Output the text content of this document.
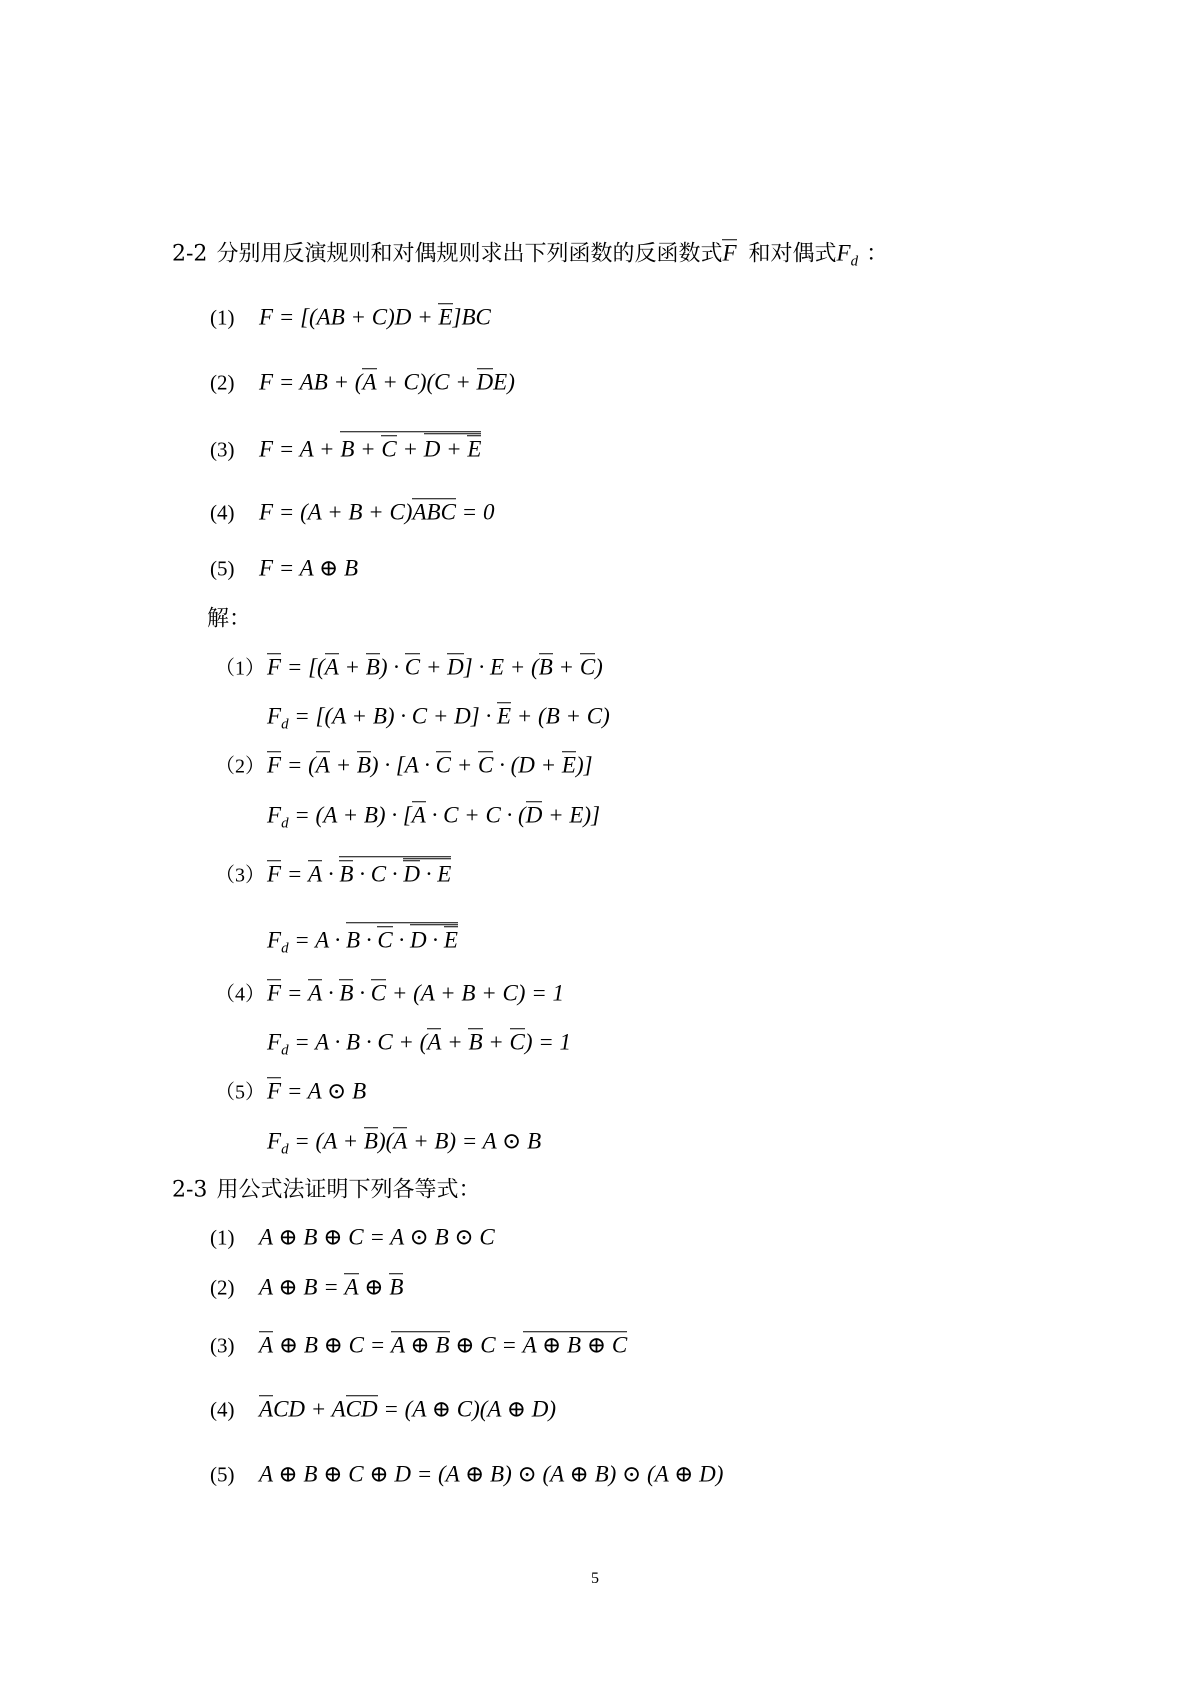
2-2 分别用反演规则和对偶规则求出下列函数的反函数式F 和对偶式$F_d$ ：
(1) F = [(AB + C)D + E]BC
(2) F = AB + (A + C)(C + DE)
(3) F = A + B + C + D + E
(4) F = (A + B + C)ABC = 0
(5) F = A ⊕ B
解：
（1）F = [(A + B) · C + D] · E + (B + C)
$F_d = [(A + B) \cdot C + D] \cdot E + (B + C)$
（2）F = (A + B) · [A · C + C · (D + E)]
$F_d = (A + B) \cdot [A \cdot C + C \cdot (D + E)]$
（3）F = A · B · C · D · E
$F_d = A \cdot B \cdot C \cdot D \cdot E$
（4）F = A · B · C + (A + B + C) = 1
$F_d = A \cdot B \cdot C + (A + B + C) = 1$
（5）F = A ⊙ B
$F_d = (A + B)(A + B) = A$ ⊙ B
2-3 用公式法证明下列各等式：
(1) A ⊕ B ⊕ C = A ⊙ B ⊙ C
(2) A ⊕ B = A ⊕ B
(3) A ⊕ B ⊕ C = A ⊕ B ⊕ C = A ⊕ B ⊕ C
(4) ACD + ACD = (A ⊕ C)(A ⊕ D)
(5) A ⊕ B ⊕ C ⊕ D = (A ⊕ B) ⊙ (A ⊕ B) ⊙ (A ⊕ D)
5
